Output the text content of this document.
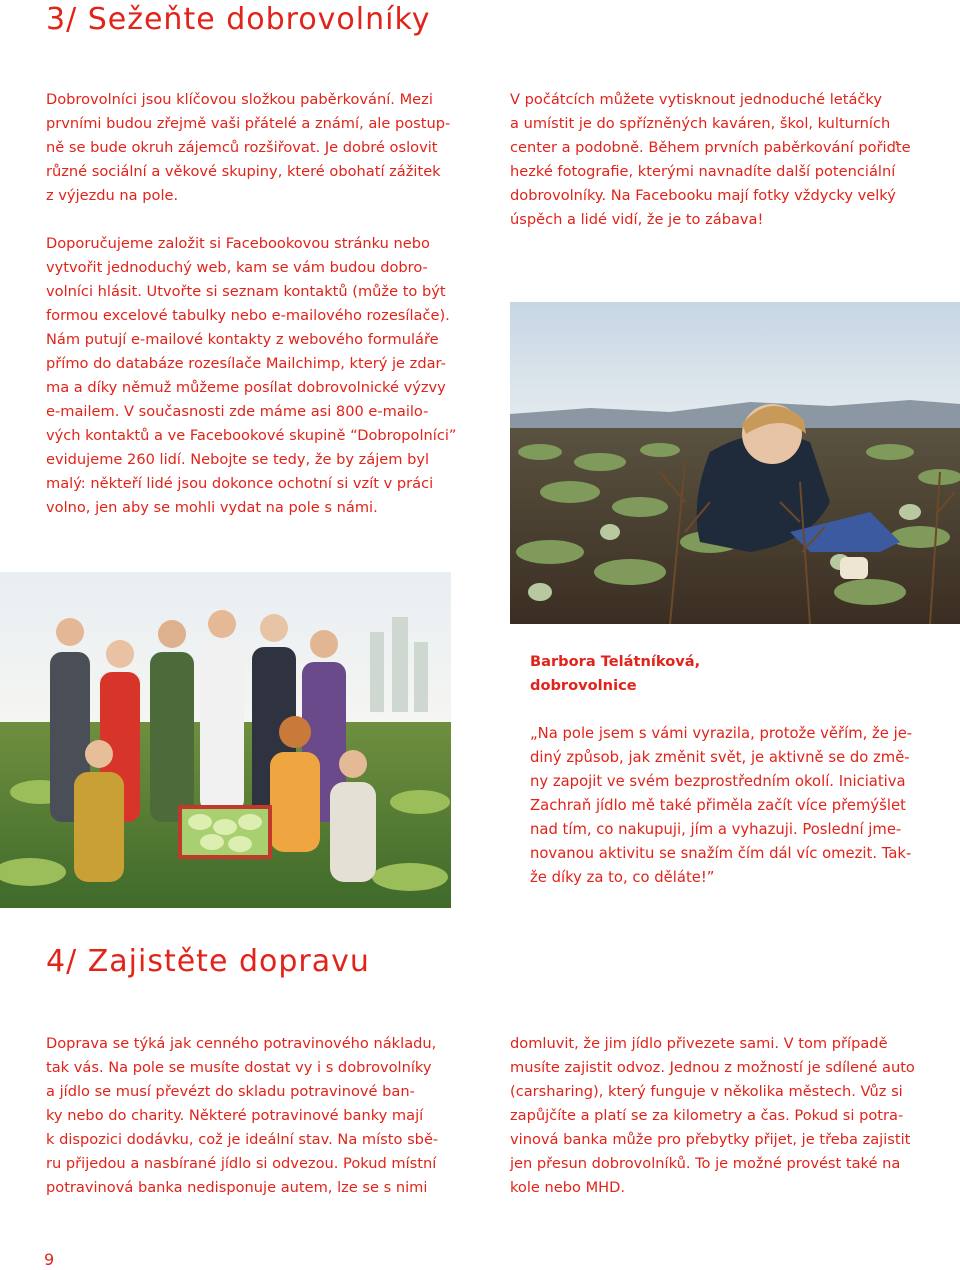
3/ Sežeňte dobrovolníky
Dobrovolníci jsou klíčovou složkou paběrkování. Mezi
prvními budou zřejmě vaši přátelé a známí, ale postup-
ně se bude okruh zájemců rozšiřovat. Je dobré oslovit
různé sociální a věkové skupiny, které obohatí zážitek
z výjezdu na pole.
Doporučujeme založit si Facebookovou stránku nebo
vytvořit jednoduchý web, kam se vám budou dobro-
volníci hlásit. Utvořte si seznam kontaktů (může to být
formou excelové tabulky nebo e-mailového rozesílače).
Nám putují e-mailové kontakty z webového formuláře
přímo do databáze rozesílače Mailchimp, který je zdar-
ma a díky němuž můžeme posílat dobrovolnické výzvy
e-mailem. V současnosti zde máme asi 800 e-mailo-
vých kontaktů a ve Facebookové skupině “Dobropolníci”
evidujeme 260 lidí. Nebojte se tedy, že by zájem byl
malý: někteří lidé jsou dokonce ochotní si vzít v práci
volno, jen aby se mohli vydat na pole s námi.
V počátcích můžete vytisknout jednoduché letáčky
a umístit je do spřízněných kaváren, škol, kulturních
center a podobně. Během prvních paběrkování pořiďte
hezké fotografie, kterými navnadíte další potenciální
dobrovolníky. Na Facebooku mají fotky vždycky velký
úspěch a lidé vidí, že je to zábava!
Barbora Telátníková,
dobrovolnice
„Na pole jsem s vámi vyrazila, protože věřím, že je-
diný způsob, jak změnit svět, je aktivně se do změ-
ny zapojit ve svém bezprostředním okolí. Iniciativa
Zachraň jídlo mě také přiměla začít více přemýšlet
nad tím, co nakupuji, jím a vyhazuji. Poslední jme-
novanou aktivitu se snažím čím dál víc omezit. Tak-
že díky za to, co děláte!”
4/ Zajistěte dopravu
Doprava se týká jak cenného potravinového nákladu,
tak vás. Na pole se musíte dostat vy i s dobrovolníky
a jídlo se musí převézt do skladu potravinové ban-
ky nebo do charity. Některé potravinové banky mají
k dispozici dodávku, což je ideální stav. Na místo sbě-
ru přijedou a nasbírané jídlo si odvezou. Pokud místní
potravinová banka nedisponuje autem, lze se s nimi
domluvit, že jim jídlo přivezete sami. V tom případě
musíte zajistit odvoz. Jednou z možností je sdílené auto
(carsharing), který funguje v několika městech. Vůz si
zapůjčíte a platí se za kilometry a čas. Pokud si potra-
vinová banka může pro přebytky přijet, je třeba zajistit
jen přesun dobrovolníků. To je možné provést také na
kole nebo MHD.
9
